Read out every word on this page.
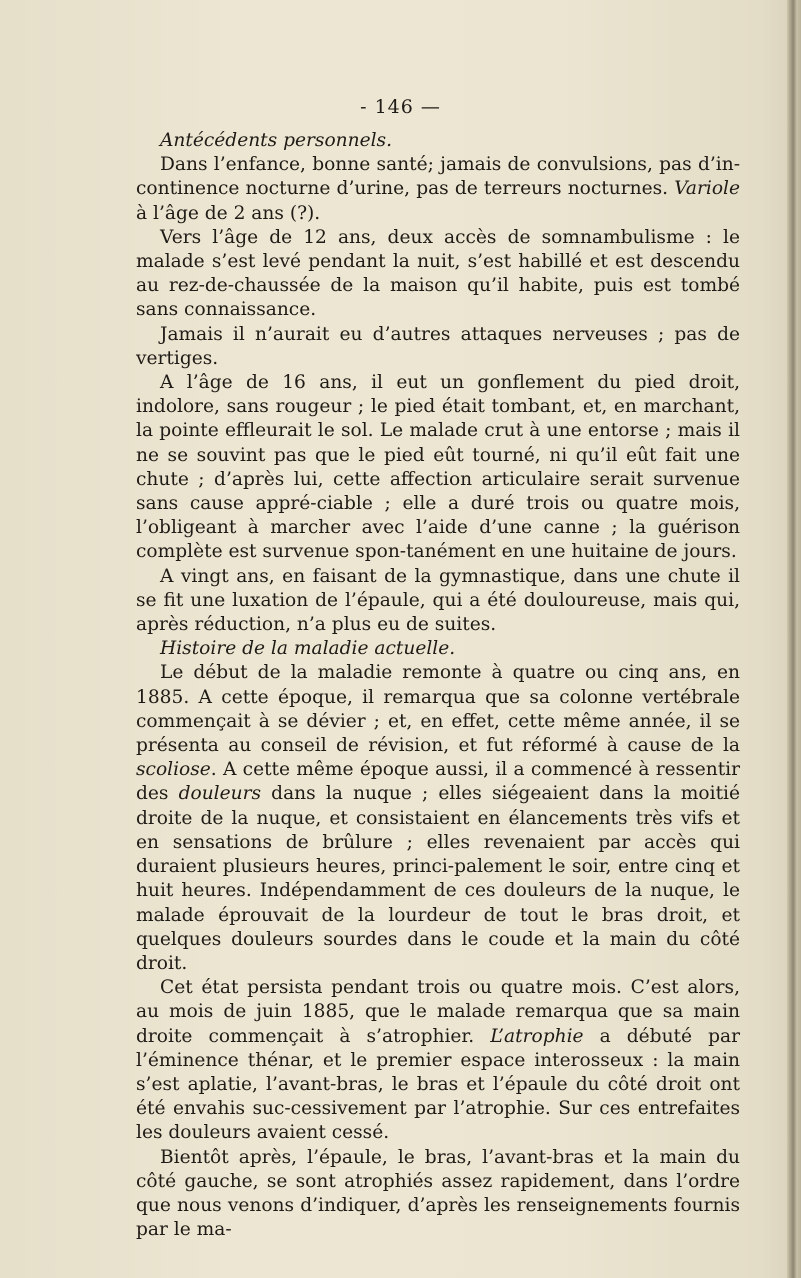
- 146 —

Antécédents personnels.

Dans l’enfance, bonne santé; jamais de convulsions, pas d’in-continence nocturne d’urine, pas de terreurs nocturnes. Variole à l’âge de 2 ans (?).

Vers l’âge de 12 ans, deux accès de somnambulisme : le malade s’est levé pendant la nuit, s’est habillé et est descendu au rez-de-chaussée de la maison qu’il habite, puis est tombé sans connaissance.

Jamais il n’aurait eu d’autres attaques nerveuses ; pas de vertiges.

A l’âge de 16 ans, il eut un gonflement du pied droit, indolore, sans rougeur ; le pied était tombant, et, en marchant, la pointe effleurait le sol. Le malade crut à une entorse ; mais il ne se souvint pas que le pied eût tourné, ni qu’il eût fait une chute ; d’après lui, cette affection articulaire serait survenue sans cause appré-ciable ; elle a duré trois ou quatre mois, l’obligeant à marcher avec l’aide d’une canne ; la guérison complète est survenue spon-tanément en une huitaine de jours.

A vingt ans, en faisant de la gymnastique, dans une chute il se fit une luxation de l’épaule, qui a été douloureuse, mais qui, après réduction, n’a plus eu de suites.

Histoire de la maladie actuelle.

Le début de la maladie remonte à quatre ou cinq ans, en 1885. A cette époque, il remarqua que sa colonne vertébrale commençait à se dévier ; et, en effet, cette même année, il se présenta au conseil de révision, et fut réformé à cause de la scoliose. A cette même époque aussi, il a commencé à ressentir des douleurs dans la nuque ; elles siégeaient dans la moitié droite de la nuque, et consistaient en élancements très vifs et en sensations de brûlure ; elles revenaient par accès qui duraient plusieurs heures, princi-palement le soir, entre cinq et huit heures. Indépendamment de ces douleurs de la nuque, le malade éprouvait de la lourdeur de tout le bras droit, et quelques douleurs sourdes dans le coude et la main du côté droit.

Cet état persista pendant trois ou quatre mois. C’est alors, au mois de juin 1885, que le malade remarqua que sa main droite commençait à s’atrophier. L’atrophie a débuté par l’éminence thénar, et le premier espace interosseux : la main s’est aplatie, l’avant-bras, le bras et l’épaule du côté droit ont été envahis suc-cessivement par l’atrophie. Sur ces entrefaites les douleurs avaient cessé.

Bientôt après, l’épaule, le bras, l’avant-bras et la main du côté gauche, se sont atrophiés assez rapidement, dans l’ordre que nous venons d’indiquer, d’après les renseignements fournis par le ma-
